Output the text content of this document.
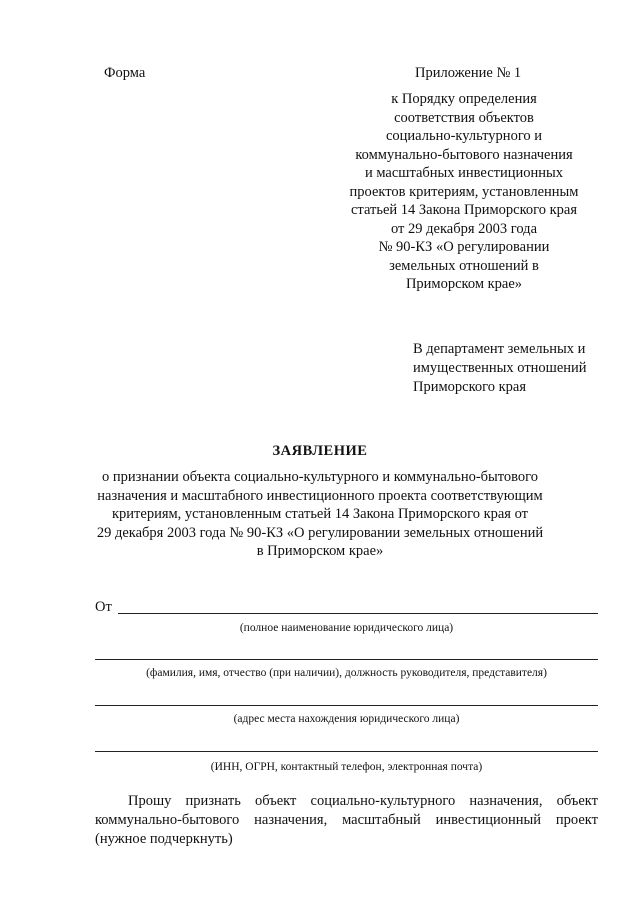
Форма	Приложение № 1
к Порядку определения
соответствия объектов
социально-культурного и
коммунально-бытового назначения
и масштабных инвестиционных
проектов критериям, установленным
статьей 14 Закона Приморского края
от 29 декабря 2003 года
№ 90-КЗ «О регулировании
земельных отношений в
Приморском крае»
В департамент земельных и
имущественных отношений
Приморского края
ЗАЯВЛЕНИЕ
о признании объекта социально-культурного и коммунально-бытового
назначения и масштабного инвестиционного проекта соответствующим
критериям, установленным статьей 14 Закона Приморского края от
29 декабря 2003 года № 90-КЗ «О регулировании земельных отношений
в Приморском крае»
От
(полное наименование юридического лица)
(фамилия, имя, отчество (при наличии), должность руководителя, представителя)
(адрес места нахождения юридического лица)
(ИНН, ОГРН, контактный телефон, электронная почта)
Прошу признать объект социально-культурного назначения, объект
коммунально-бытового назначения, масштабный инвестиционный проект
(нужное подчеркнуть)
